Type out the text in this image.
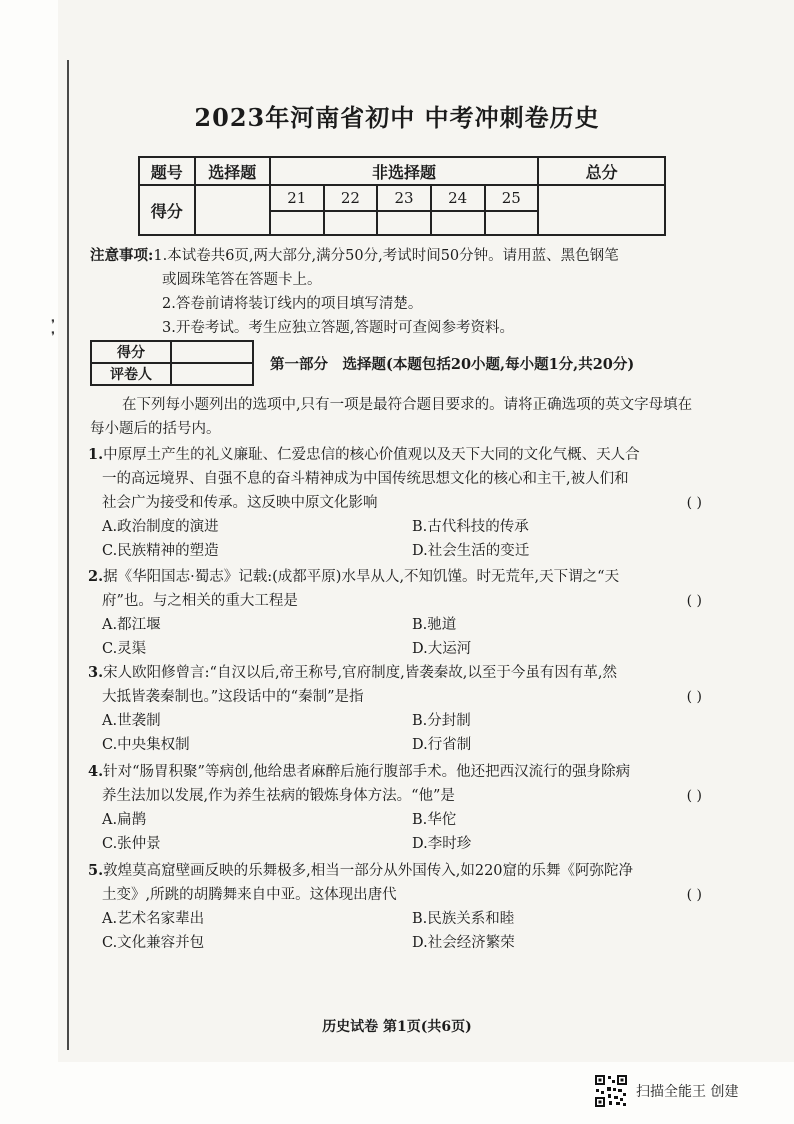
❜
❜
2023年河南省初中 中考冲刺卷历史
题号	选择题	非选择题					总分
得分		21	22	23	24	25	

注意事项:1.本试卷共6页,两大部分,满分50分,考试时间50分钟。请用蓝、黑色钢笔
或圆珠笔答在答题卡上。
2.答卷前请将装订线内的项目填写清楚。
3.开卷考试。考生应独立答题,答题时可查阅参考资料。
得分	
评卷人	
第一部分　选择题(本题包括20小题,每小题1分,共20分)
在下列每小题列出的选项中,只有一项是最符合题目要求的。请将正确选项的英文字母填在每小题后的括号内。
1.中原厚土产生的礼义廉耻、仁爱忠信的核心价值观以及天下大同的文化气概、天人合
一的高远境界、自强不息的奋斗精神成为中国传统思想文化的核心和主干,被人们和
社会广为接受和传承。这反映中原文化影响	( )
A.政治制度的演进	B.古代科技的传承
C.民族精神的塑造	D.社会生活的变迁
2.据《华阳国志·蜀志》记载:(成都平原)水旱从人,不知饥馑。时无荒年,天下谓之“天
府”也。与之相关的重大工程是	( )
A.都江堰	B.驰道
C.灵渠	D.大运河
3.宋人欧阳修曾言:“自汉以后,帝王称号,官府制度,皆袭秦故,以至于今虽有因有革,然
大抵皆袭秦制也。”这段话中的“秦制”是指	( )
A.世袭制	B.分封制
C.中央集权制	D.行省制
4.针对“肠胃积聚”等病创,他给患者麻醉后施行腹部手术。他还把西汉流行的强身除病
养生法加以发展,作为养生祛病的锻炼身体方法。“他”是	( )
A.扁鹊	B.华佗
C.张仲景	D.李时珍
5.敦煌莫高窟壁画反映的乐舞极多,相当一部分从外国传入,如220窟的乐舞《阿弥陀净
土变》,所跳的胡腾舞来自中亚。这体现出唐代	( )
A.艺术名家辈出	B.民族关系和睦
C.文化兼容并包	D.社会经济繁荣
历史试卷 第1页(共6页)
扫描全能王 创建
